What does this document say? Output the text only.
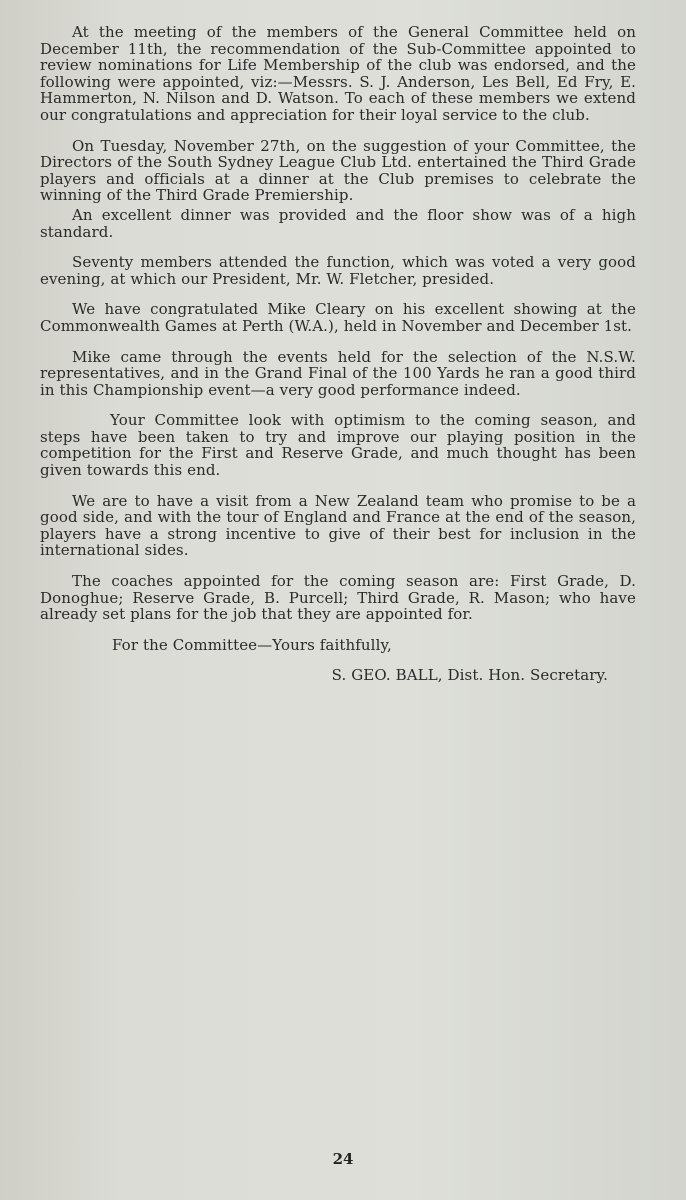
At the meeting of the members of the General Committee held on December 11th, the recommendation of the Sub-Committee appointed to review nominations for Life Membership of the club was endorsed, and the following were appointed, viz:—Messrs. S. J. Anderson, Les Bell, Ed Fry, E. Hammerton, N. Nilson and D. Watson. To each of these members we extend our congratulations and appreciation for their loyal service to the club.

On Tuesday, November 27th, on the suggestion of your Committee, the Directors of the South Sydney League Club Ltd. entertained the Third Grade players and officials at a dinner at the Club premises to celebrate the winning of the Third Grade Premiership.

An excellent dinner was provided and the floor show was of a high standard.

Seventy members attended the function, which was voted a very good evening, at which our President, Mr. W. Fletcher, presided.

We have congratulated Mike Cleary on his excellent showing at the Commonwealth Games at Perth (W.A.), held in November and December 1st.

Mike came through the events held for the selection of the N.S.W. representatives, and in the Grand Final of the 100 Yards he ran a good third in this Championship event—a very good performance indeed.

Your Committee look with optimism to the coming season, and steps have been taken to try and improve our playing position in the competition for the First and Reserve Grade, and much thought has been given towards this end.

We are to have a visit from a New Zealand team who promise to be a good side, and with the tour of England and France at the end of the season, players have a strong incentive to give of their best for inclusion in the international sides.

The coaches appointed for the coming season are: First Grade, D. Donoghue; Reserve Grade, B. Purcell; Third Grade, R. Mason; who have already set plans for the job that they are appointed for.

For the Committee—Yours faithfully,

S. GEO. BALL, Dist. Hon. Secretary.

24
